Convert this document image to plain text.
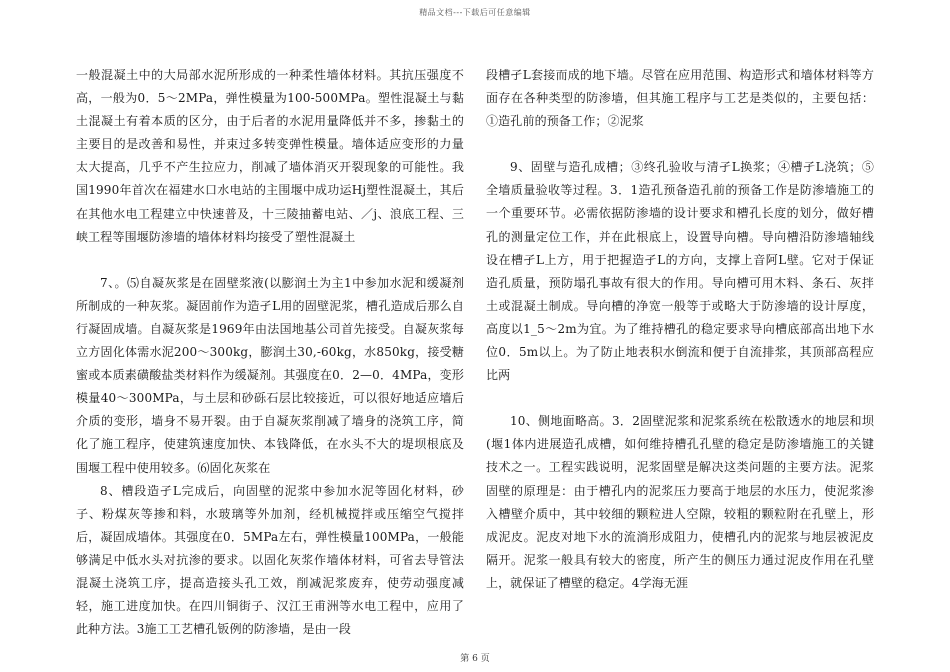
精品文档---下载后可任意编辑

一般混凝土中的大局部水泥所形成的一种柔性墙体材料。其抗压强度不高，一般为0．5～2MPa，弹性模量为100-500MPa。塑性混凝土与黏土混凝土有着本质的区分，由于后者的水泥用量降低并不多，掺黏土的主要目的是改善和易性，并束过多转变弹性模量。墙体适应变形的力量太大提高，几乎不产生拉应力，削减了墙体消灭开裂现象的可能性。我国1990年首次在福建水口水电站的主围堰中成功运Hj塑性混凝土，其后在其他水电工程建立中快速普及，十三陵抽蓄电站、／j、浪底工程、三峡工程等围堰防渗墙的墙体材料均接受了塑性混凝土

7、。⑸自凝灰浆是在固壁浆液(以膨润土为主1中参加水泥和缓凝剂所制成的一种灰浆。凝固前作为造孑L用的固壁泥浆，槽孔造成后那么自行凝固成墙。自凝灰浆是1969年由法国地基公司首先接受。自凝灰浆每立方固化体需水泥200～300kg，膨润土30,-60kg，水850kg，接受糖蜜或本质素磺酸盐类材料作为缓凝剂。其强度在0．2—0．4MPa，变形模量40～300MPa，与土层和砂砾石层比较接近，可以很好地适应墙后介质的变形，墙身不易开裂。由于自凝灰浆削减了墙身的浇筑工序，简化了施工程序，使建筑速度加快、本钱降低，在水头不大的堤坝根底及围堰工程中使用较多。⑹固化灰浆在

8、槽段造孑L完成后，向固壁的泥浆中参加水泥等固化材料，砂子、粉煤灰等掺和料，水玻璃等外加剂，经机械搅拌或压缩空气搅拌后，凝固成墙体。其强度在0．5MPa左右，弹性模量100MPa，一般能够满足中低水头对抗渗的要求。以固化灰浆作墙体材料，可省去导管法混凝土浇筑工序，提高造接头孔工效，削减泥浆废弃，使劳动强度减轻，施工进度加快。在四川铜街子、汉江王甫洲等水电工程中，应用了此种方法。3施工工艺槽孔钣例的防渗墙，是由一段

段槽孑L套接而成的地下墙。尽管在应用范围、构造形式和墙体材料等方面存在各种类型的防渗墙，但其施工程序与工艺是类似的，主要包括：①造孔前的预备工作；②泥浆

9、固壁与造孔成槽；③终孔验收与清孑L换浆；④槽孑L浇筑；⑤全墙质量验收等过程。3．1造孔预备造孔前的预备工作是防渗墙施工的一个重要环节。必需依据防渗墙的设计要求和槽孔长度的划分，做好槽孔的测量定位工作，并在此根底上，设置导向槽。导向槽沿防渗墙轴线设在槽孑L上方，用于把握造孑L的方向，支撑上音阿L壁。它对于保证造孔质量，预防塌孔事故有很大的作用。导向槽可用木料、条石、灰拌土或混凝土制成。导向槽的净宽一般等于或略大于防渗墙的设计厚度，高度以1_5～2m为宜。为了维持槽孔的稳定要求导向槽底部高出地下水位0．5m以上。为了防止地表积水倒流和便于自流排浆，其顶部高程应比两

10、侧地面略高。3．2固壁泥浆和泥浆系统在松散透水的地层和坝(堰1体内进展造孔成槽，如何维持槽孔孔壁的稳定是防渗墙施工的关键技术之一。工程实践说明，泥浆固壁是解决这类问题的主要方法。泥浆固壁的原理是：由于槽孔内的泥浆压力要高于地层的水压力，使泥浆渗入槽壁介质中，其中较细的颗粒进人空隙，较粗的颗粒附在孔壁上，形成泥皮。泥皮对地下水的流淌形成阻力，使槽孔内的泥浆与地层被泥皮隔开。泥浆一般具有较大的密度，所产生的侧压力通过泥皮作用在孔壁上，就保证了槽壁的稳定。4学海无涯

第 6 页
